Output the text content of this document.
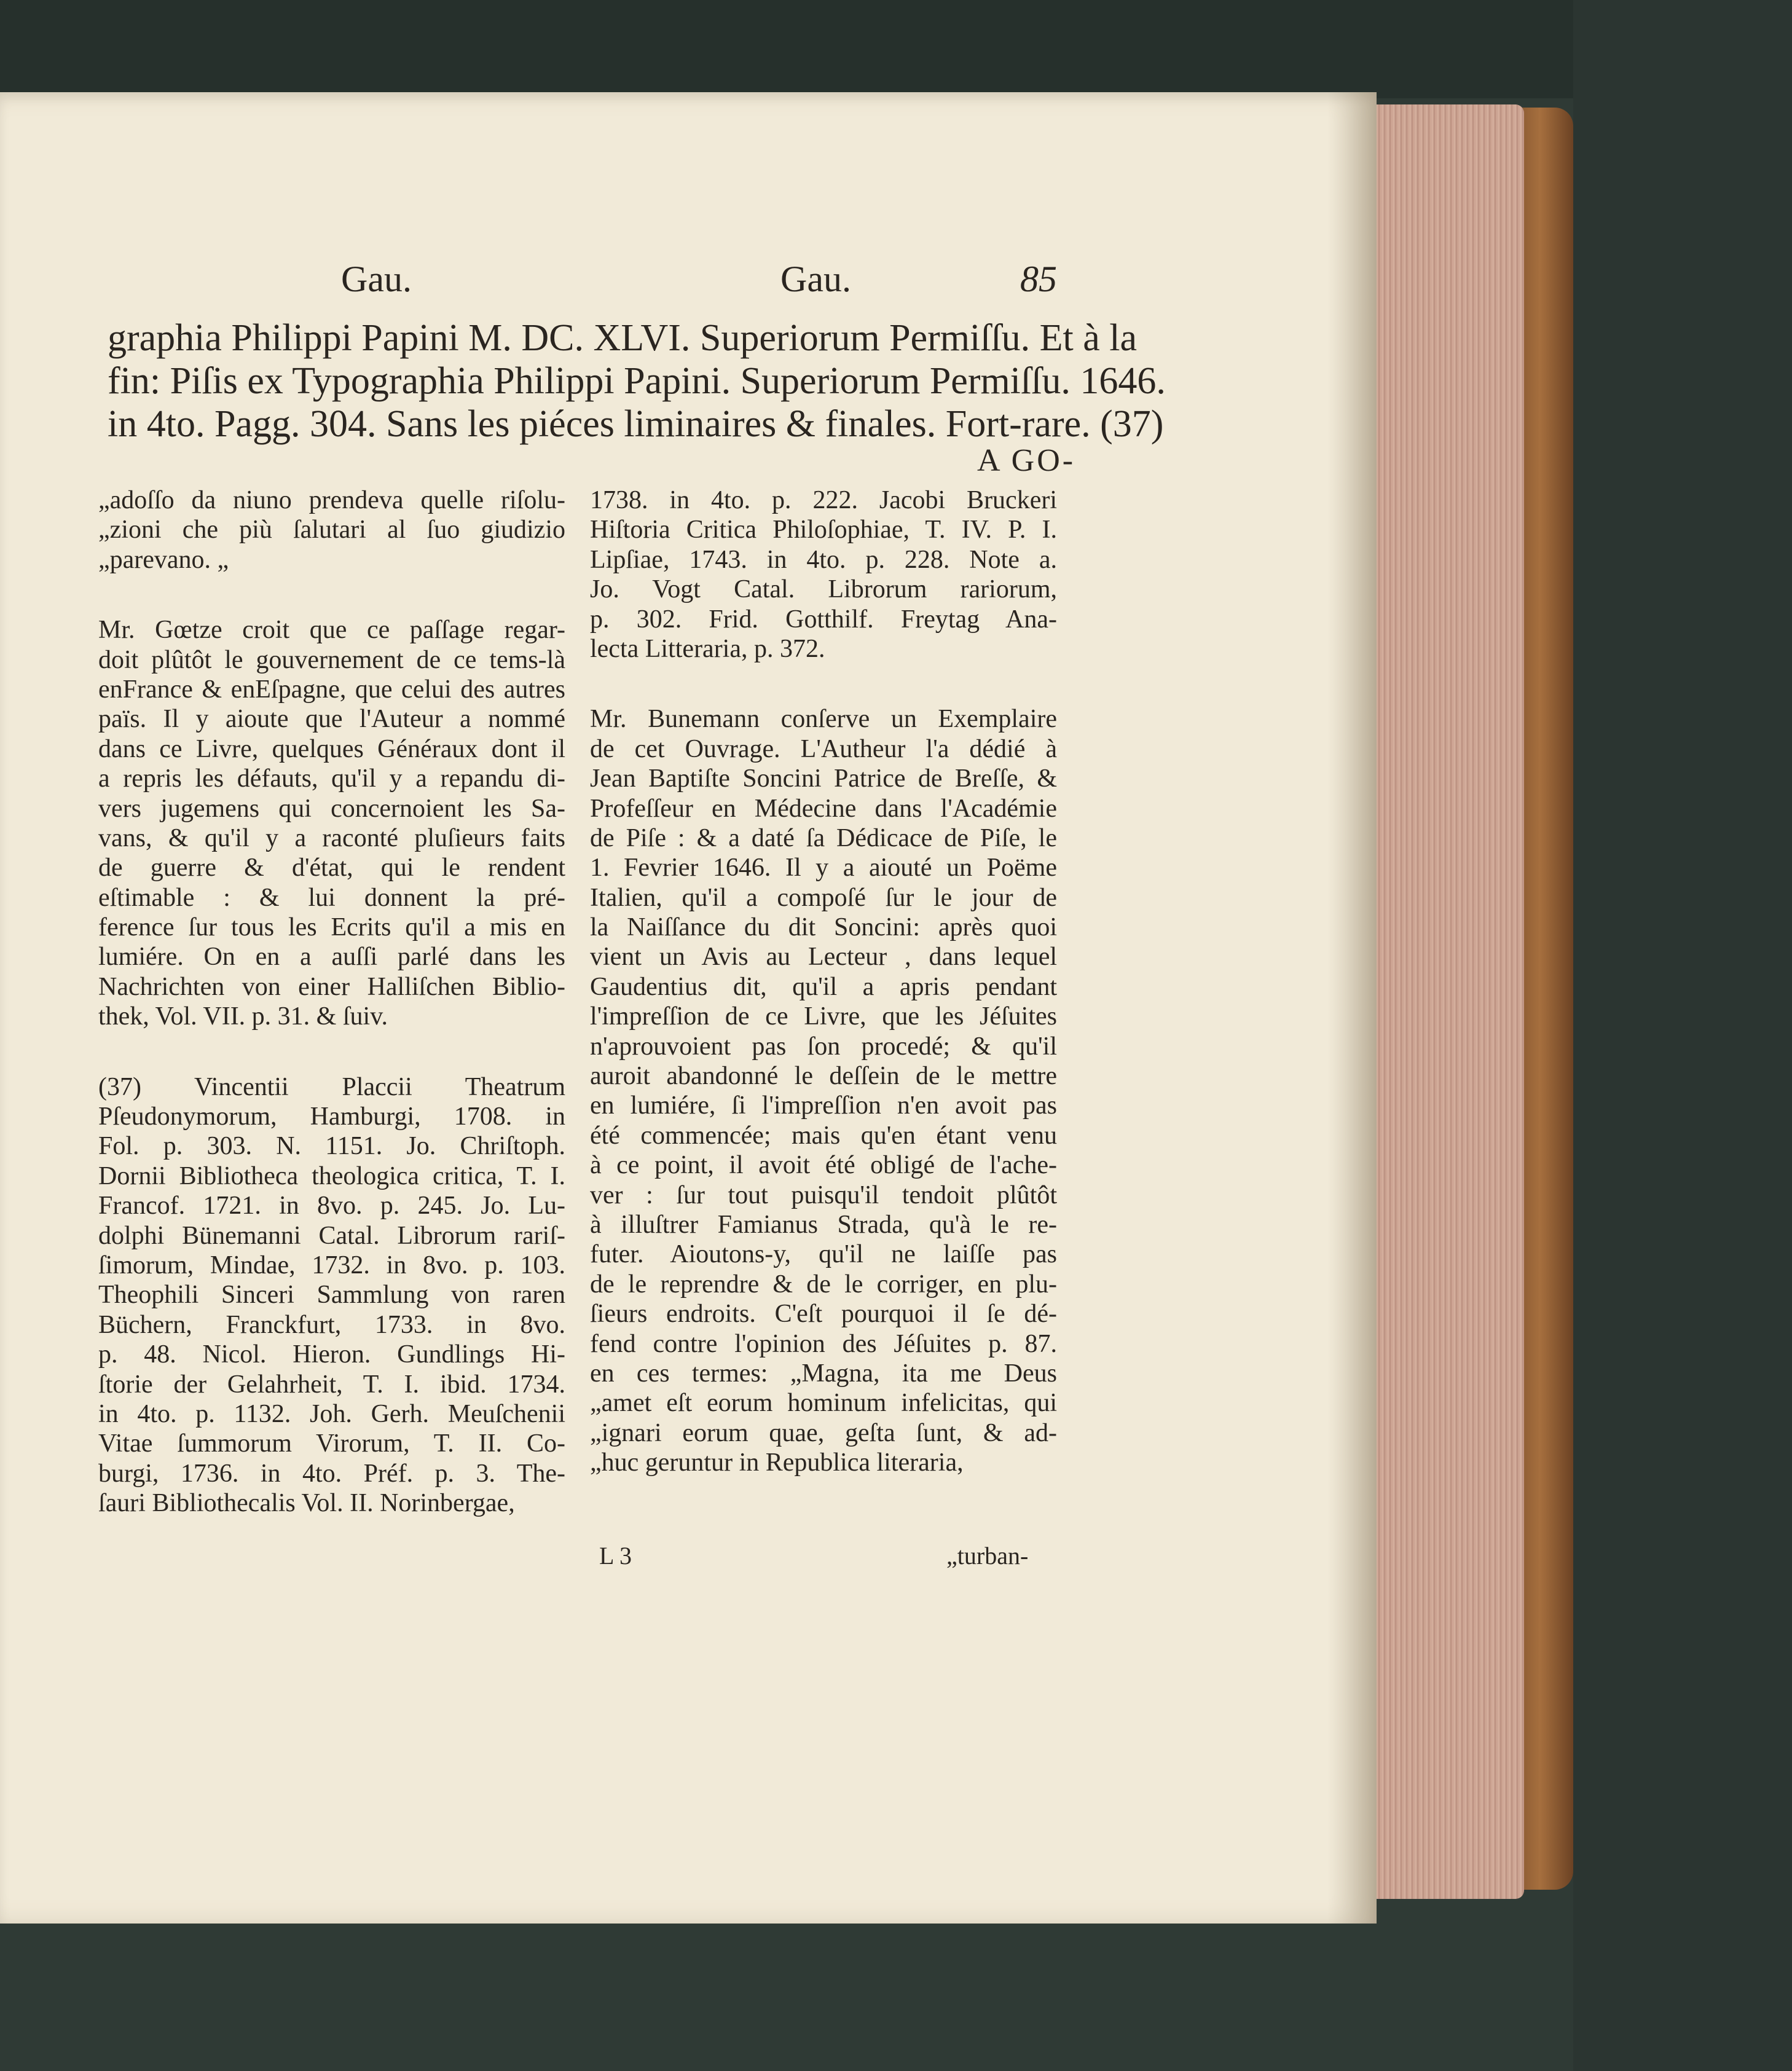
Gau.	Gau.	85
graphia Philippi Papini M. DC. XLVI. Superiorum Permiſſu. Et à la
fin: Piſis ex Typographia Philippi Papini. Superiorum Permiſſu. 1646.
in 4to. Pagg. 304. Sans les piéces liminaires & finales. Fort-rare. (37)
A GO-
„adoſſo da niuno prendeva quelle riſolu-
„zioni che più ſalutari al ſuo giudizio
„parevano. „
Mr. Gœtze croit que ce paſſage regar-
doit plûtôt le gouvernement de ce tems-là
enFrance & enEſpagne, que celui des autres
païs. Il y aioute que l'Auteur a nommé
dans ce Livre, quelques Généraux dont il
a repris les défauts, qu'il y a repandu di-
vers jugemens qui concernoient les Sa-
vans, & qu'il y a raconté pluſieurs faits
de guerre & d'état, qui le rendent
eſtimable : & lui donnent la pré-
ference ſur tous les Ecrits qu'il a mis en
lumiére. On en a auſſi parlé dans les
Nachrichten von einer Halliſchen Biblio-
thek, Vol. VII. p. 31. & ſuiv.
(37) Vincentii Placcii Theatrum
Pſeudonymorum, Hamburgi, 1708. in
Fol. p. 303. N. 1151. Jo. Chriſtoph.
Dornii Bibliotheca theologica critica, T. I.
Francof. 1721. in 8vo. p. 245. Jo. Lu-
dolphi Bünemanni Catal. Librorum rariſ-
ſimorum, Mindae, 1732. in 8vo. p. 103.
Theophili Sinceri Sammlung von raren
Büchern, Franckfurt, 1733. in 8vo.
p. 48. Nicol. Hieron. Gundlings Hi-
ſtorie der Gelahrheit, T. I. ibid. 1734.
in 4to. p. 1132. Joh. Gerh. Meuſchenii
Vitae ſummorum Virorum, T. II. Co-
burgi, 1736. in 4to. Préf. p. 3. The-
ſauri Bibliothecalis Vol. II. Norinbergae,
1738. in 4to. p. 222. Jacobi Bruckeri
Hiſtoria Critica Philoſophiae, T. IV. P. I.
Lipſiae, 1743. in 4to. p. 228. Note a.
Jo. Vogt Catal. Librorum rariorum,
p. 302. Frid. Gotthilf. Freytag Ana-
lecta Litteraria, p. 372.
Mr. Bunemann conſerve un Exemplaire
de cet Ouvrage. L'Autheur l'a dédié à
Jean Baptiſte Soncini Patrice de Breſſe, &
Profeſſeur en Médecine dans l'Académie
de Piſe : & a daté ſa Dédicace de Piſe, le
1. Fevrier 1646. Il y a aiouté un Poëme
Italien, qu'il a compoſé ſur le jour de
la Naiſſance du dit Soncini: après quoi
vient un Avis au Lecteur , dans lequel
Gaudentius dit, qu'il a apris pendant
l'impreſſion de ce Livre, que les Jéſuites
n'aprouvoient pas ſon procedé; & qu'il
auroit abandonné le deſſein de le mettre
en lumiére, ſi l'impreſſion n'en avoit pas
été commencée; mais qu'en étant venu
à ce point, il avoit été obligé de l'ache-
ver : ſur tout puisqu'il tendoit plûtôt
à illuſtrer Famianus Strada, qu'à le re-
futer. Aioutons-y, qu'il ne laiſſe pas
de le reprendre & de le corriger, en plu-
ſieurs endroits. C'eſt pourquoi il ſe dé-
fend contre l'opinion des Jéſuites p. 87.
en ces termes: „Magna, ita me Deus
„amet eſt eorum hominum infelicitas, qui
„ignari eorum quae, geſta ſunt, & ad-
„huc geruntur in Republica literaria,
L 3	„turban-
